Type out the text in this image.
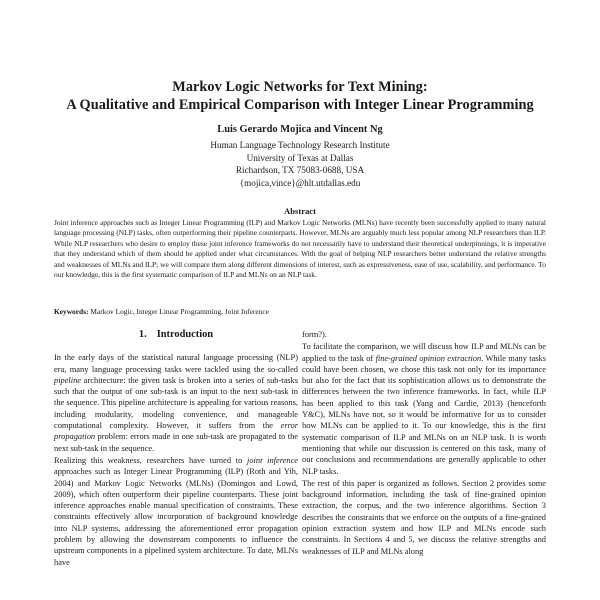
Markov Logic Networks for Text Mining:
A Qualitative and Empirical Comparison with Integer Linear Programming
Luis Gerardo Mojica and Vincent Ng
Human Language Technology Research Institute
University of Texas at Dallas
Richardson, TX 75083-0688, USA
{mojica,vince}@hlt.utdallas.edu
Abstract
Joint inference approaches such as Integer Linear Programming (ILP) and Markov Logic Networks (MLNs) have recently been successfully applied to many natural language processing (NLP) tasks, often outperforming their pipeline counterparts. However, MLNs are arguably much less popular among NLP researchers than ILP. While NLP researchers who desire to employ these joint inference frameworks do not necessarily have to understand their theoretical underpinnings, it is imperative that they understand which of them should be applied under what circumstances. With the goal of helping NLP researchers better understand the relative strengths and weaknesses of MLNs and ILP; we will compare them along different dimensions of interest, such as expressiveness, ease of use, scalability, and performance. To our knowledge, this is the first systematic comparison of ILP and MLNs on an NLP task.
Keywords: Markov Logic, Integer Linear Programming, Joint Inference
1. Introduction
In the early days of the statistical natural language processing (NLP) era, many language processing tasks were tackled using the so-called pipeline architecture: the given task is broken into a series of sub-tasks such that the output of one sub-task is an input to the next sub-task in the sequence. This pipeline architecture is appealing for various reasons, including modularity, modeling convenience, and manageable computational complexity. However, it suffers from the error propagation problem: errors made in one sub-task are propagated to the next sub-task in the sequence.
Realizing this weakness, researchers have turned to joint inference approaches such as Integer Linear Programming (ILP) (Roth and Yih, 2004) and Markov Logic Networks (MLNs) (Domingos and Lowd, 2009), which often outperform their pipeline counterparts. These joint inference approaches enable manual specification of constraints. These constraints effectively allow incorporation of background knowledge into NLP systems, addressing the aforementioned error propagation problem by allowing the downstream components to influence the upstream components in a pipelined system architecture. To date, MLNs have
form?).
To facilitate the comparison, we will discuss how ILP and MLNs can be applied to the task of fine-grained opinion extraction. While many tasks could have been chosen, we chose this task not only for its importance but also for the fact that its sophistication allows us to demonstrate the differences between the two inference frameworks. In fact, while ILP has been applied to this task (Yang and Cardie, 2013) (henceforth Y&C), MLNs have not, so it would be informative for us to consider how MLNs can be applied to it. To our knowledge, this is the first systematic comparison of ILP and MLNs on an NLP task. It is worth mentioning that while our discussion is centered on this task, many of our conclusions and recommendations are generally applicable to other NLP tasks.
The rest of this paper is organized as follows. Section 2 provides some background information, including the task of fine-grained opinion extraction, the corpus, and the two inference algorithms. Section 3 describes the constraints that we enforce on the outputs of a fine-grained opinion extraction system and how ILP and MLNs encode such constraints. In Sections 4 and 5, we discuss the relative strengths and weaknesses of ILP and MLNs along
